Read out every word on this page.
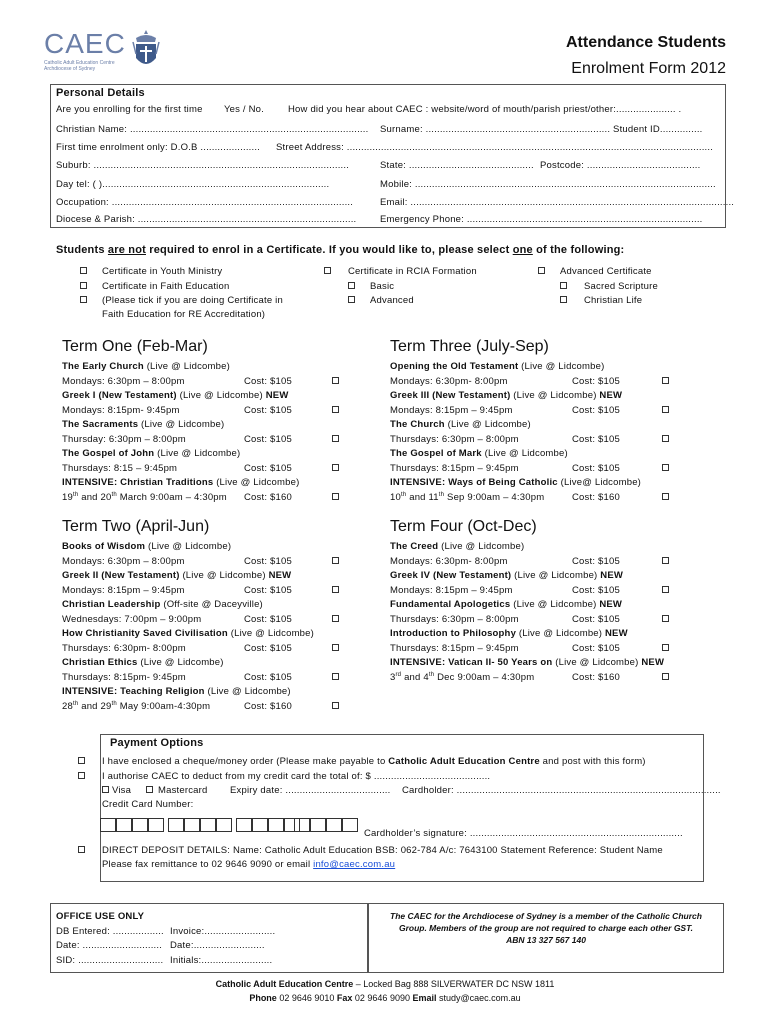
CAEC
Catholic Adult Education Centre
Archdiocese of Sydney
Attendance Students
Enrolment Form 2012
Personal Details
Are you enrolling for the first time Yes / No.	How did you hear about CAEC : website/word of mouth/parish priest/other:..................... .
Christian Name: .................................................................................... Surname: ................................................................. Student ID...............
First time enrolment only: D.O.B ..................... Street Address: .................................................................................................................................
Suburb: ..........................................................................................	State: ............................................ Postcode: ........................................
Day tel: ( )................................................................................	Mobile: ..........................................................................................................
Occupation: .....................................................................................	Email: ..................................................................................................................
Diocese & Parish: ............................................................................. Emergency Phone: ...................................................................................
Students are not required to enrol in a Certificate. If you would like to, please select one of the following:
Certificate in Youth Ministry
Certificate in Faith Education
(Please tick if you are doing Certificate in
Faith Education for RE Accreditation)
Certificate in RCIA Formation
Basic
Advanced
Advanced Certificate
Sacred Scripture
Christian Life
Term One (Feb-Mar)
The Early Church (Live @ Lidcombe)
Mondays: 6:30pm – 8:00pm	Cost: $105
Greek I (New Testament) (Live @ Lidcombe) NEW
Mondays: 8:15pm- 9:45pm	Cost: $105
The Sacraments (Live @ Lidcombe)
Thursday: 6:30pm – 8:00pm	Cost: $105
The Gospel of John (Live @ Lidcombe)
Thursdays: 8:15 – 9:45pm	Cost: $105
INTENSIVE: Christian Traditions (Live @ Lidcombe)
19th and 20th March 9:00am – 4:30pm Cost: $160
Term Two (April-Jun)
Books of Wisdom (Live @ Lidcombe)
Mondays: 6:30pm – 8:00pm	Cost: $105
Greek II (New Testament) (Live @ Lidcombe) NEW
Mondays: 8:15pm – 9:45pm	Cost: $105
Christian Leadership (Off-site @ Daceyville)
Wednesdays: 7:00pm – 9:00pm	Cost: $105
How Christianity Saved Civilisation (Live @ Lidcombe)
Thursdays: 6:30pm- 8:00pm	Cost: $105
Christian Ethics (Live @ Lidcombe)
Thursdays: 8:15pm- 9:45pm	Cost: $105
INTENSIVE: Teaching Religion (Live @ Lidcombe)
28th and 29th May 9:00am-4:30pm	Cost: $160
Term Three (July-Sep)
Opening the Old Testament (Live @ Lidcombe)
Mondays: 6:30pm- 8:00pm	Cost: $105
Greek III (New Testament) (Live @ Lidcombe) NEW
Mondays: 8:15pm – 9:45pm	Cost: $105
The Church (Live @ Lidcombe)
Thursdays: 6:30pm – 8:00pm	Cost: $105
The Gospel of Mark (Live @ Lidcombe)
Thursdays: 8:15pm – 9:45pm	Cost: $105
INTENSIVE: Ways of Being Catholic (Live@ Lidcombe)
10th and 11th Sep 9:00am – 4:30pm	Cost: $160
Term Four (Oct-Dec)
The Creed (Live @ Lidcombe)
Mondays: 6:30pm- 8:00pm	Cost: $105
Greek IV (New Testament) (Live @ Lidcombe) NEW
Mondays: 8:15pm – 9:45pm	Cost: $105
Fundamental Apologetics (Live @ Lidcombe) NEW
Thursdays: 6:30pm – 8:00pm	Cost: $105
Introduction to Philosophy (Live @ Lidcombe) NEW
Thursdays: 8:15pm – 9:45pm	Cost: $105
INTENSIVE: Vatican II- 50 Years on (Live @ Lidcombe) NEW
3rd and 4th Dec 9:00am – 4:30pm	Cost: $160
Payment Options
I have enclosed a cheque/money order (Please make payable to Catholic Adult Education Centre and post with this form)
I authorise CAEC to deduct from my credit card the total of: $ .........................................
Visa	Mastercard Expiry date: ..................................... Cardholder: .............................................................................................
Credit Card Number:
Cardholder’s signature: ...........................................................................
DIRECT DEPOSIT DETAILS: Name: Catholic Adult Education BSB: 062-784 A/c: 7643100 Statement Reference: Student Name
Please fax remittance to 02 9646 9090 or email info@caec.com.au
OFFICE USE ONLY
DB Entered: .................. Invoice:.........................
Date: ............................ Date:.........................
SID: .............................. Initials:.........................
The CAEC for the Archdiocese of Sydney is a member of the Catholic Church
Group. Members of the group are not required to charge each other GST.
ABN 13 327 567 140
Catholic Adult Education Centre – Locked Bag 888 SILVERWATER DC NSW 1811
Phone 02 9646 9010 Fax 02 9646 9090 Email study@caec.com.au
